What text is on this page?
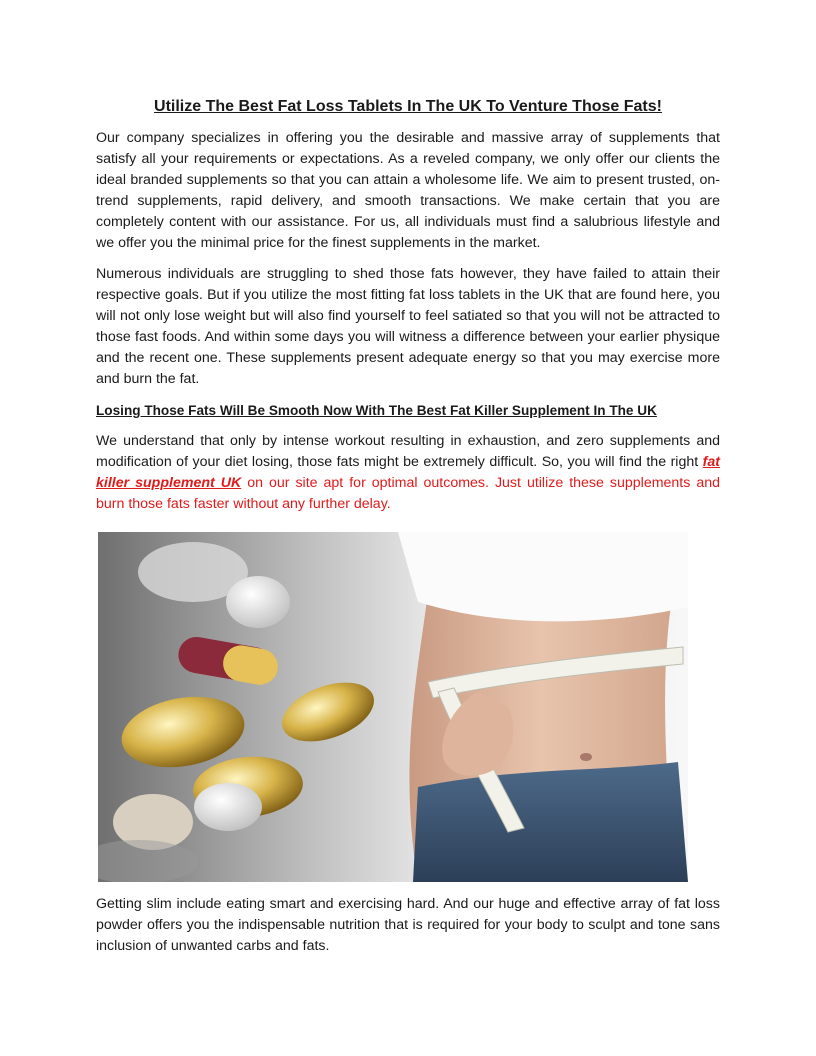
Utilize The Best Fat Loss Tablets In The UK To Venture Those Fats!

Our company specializes in offering you the desirable and massive array of supplements that satisfy all your requirements or expectations. As a reveled company, we only offer our clients the ideal branded supplements so that you can attain a wholesome life. We aim to present trusted, on-trend supplements, rapid delivery, and smooth transactions. We make certain that you are completely content with our assistance. For us, all individuals must find a salubrious lifestyle and we offer you the minimal price for the finest supplements in the market.

Numerous individuals are struggling to shed those fats however, they have failed to attain their respective goals. But if you utilize the most fitting fat loss tablets in the UK that are found here, you will not only lose weight but will also find yourself to feel satiated so that you will not be attracted to those fast foods. And within some days you will witness a difference between your earlier physique and the recent one. These supplements present adequate energy so that you may exercise more and burn the fat.

Losing Those Fats Will Be Smooth Now With The Best Fat Killer Supplement In The UK

We understand that only by intense workout resulting in exhaustion, and zero supplements and modification of your diet losing, those fats might be extremely difficult. So, you will find the right fat killer supplement UK on our site apt for optimal outcomes. Just utilize these supplements and burn those fats faster without any further delay.

Getting slim include eating smart and exercising hard. And our huge and effective array of fat loss powder offers you the indispensable nutrition that is required for your body to sculpt and tone sans inclusion of unwanted carbs and fats.
